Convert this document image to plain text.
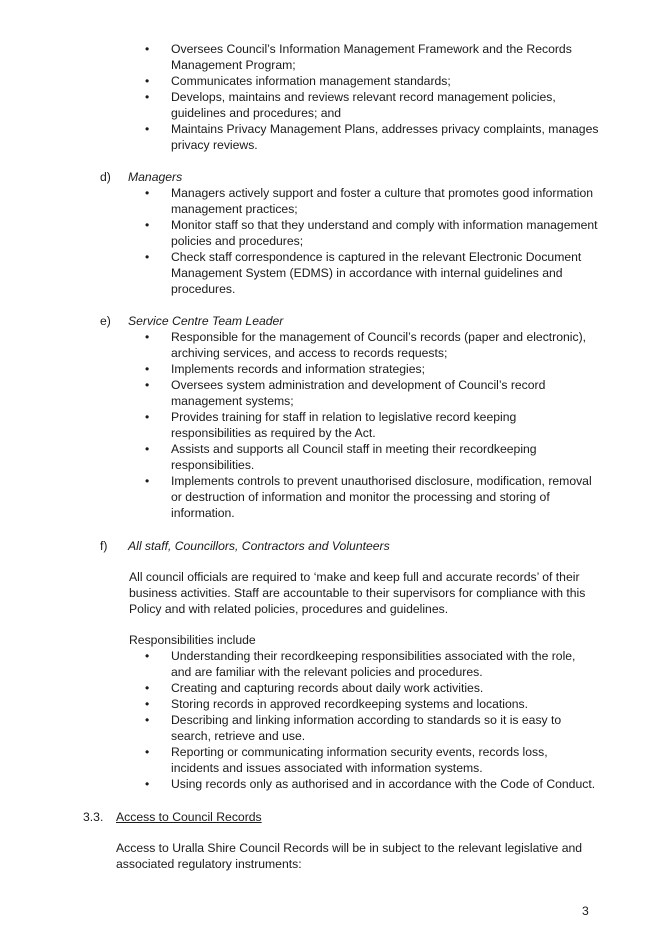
• Oversees Council’s Information Management Framework and the Records Management Program;
• Communicates information management standards;
• Develops, maintains and reviews relevant record management policies, guidelines and procedures; and
• Maintains Privacy Management Plans, addresses privacy complaints, manages privacy reviews.
d) Managers
• Managers actively support and foster a culture that promotes good information management practices;
• Monitor staff so that they understand and comply with information management policies and procedures;
• Check staff correspondence is captured in the relevant Electronic Document Management System (EDMS) in accordance with internal guidelines and procedures.
e) Service Centre Team Leader
• Responsible for the management of Council’s records (paper and electronic), archiving services, and access to records requests;
• Implements records and information strategies;
• Oversees system administration and development of Council’s record management systems;
• Provides training for staff in relation to legislative record keeping responsibilities as required by the Act.
• Assists and supports all Council staff in meeting their recordkeeping responsibilities.
• Implements controls to prevent unauthorised disclosure, modification, removal or destruction of information and monitor the processing and storing of information.
f) All staff, Councillors, Contractors and Volunteers

All council officials are required to ‘make and keep full and accurate records’ of their business activities. Staff are accountable to their supervisors for compliance with this Policy and with related policies, procedures and guidelines.

Responsibilities include

• Understanding their recordkeeping responsibilities associated with the role, and are familiar with the relevant policies and procedures.
• Creating and capturing records about daily work activities.
• Storing records in approved recordkeeping systems and locations.
• Describing and linking information according to standards so it is easy to search, retrieve and use.
• Reporting or communicating information security events, records loss, incidents and issues associated with information systems.
• Using records only as authorised and in accordance with the Code of Conduct.
3.3. Access to Council Records

Access to Uralla Shire Council Records will be in subject to the relevant legislative and associated regulatory instruments:

3
